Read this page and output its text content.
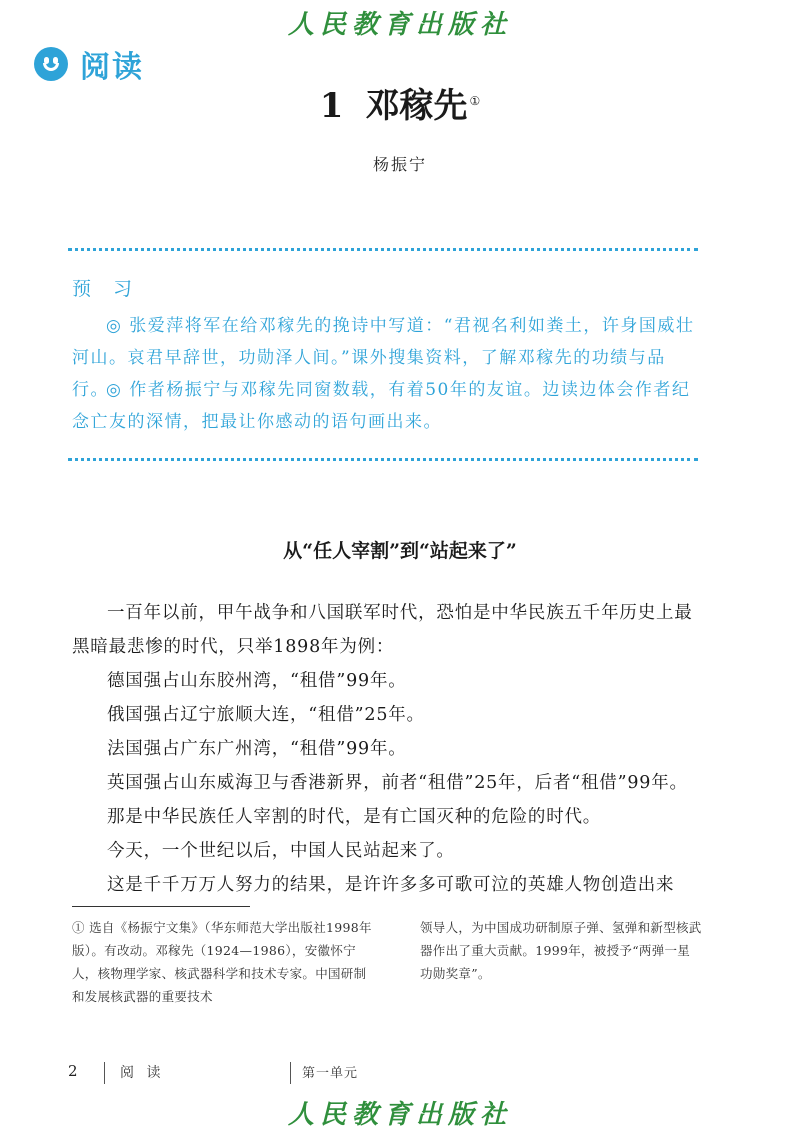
人民教育出版社
阅读
1 邓稼先 ①
杨振宁
预 习
◎ 张爱萍将军在给邓稼先的挽诗中写道：“君视名利如粪土，许身国威壮河山。哀君早辞世，功勋泽人间。”课外搜集资料，了解邓稼先的功绩与品行。
◎ 作者杨振宁与邓稼先同窗数载，有着50年的友谊。边读边体会作者纪念亡友的深情，把最让你感动的语句画出来。
从“任人宰割”到“站起来了”

一百年以前，甲午战争和八国联军时代，恐怕是中华民族五千年历史上最黑暗最悲惨的时代，只举1898年为例：

德国强占山东胶州湾，“租借”99年。

俄国强占辽宁旅顺大连，“租借”25年。

法国强占广东广州湾，“租借”99年。

英国强占山东威海卫与香港新界，前者“租借”25年，后者“租借”99年。

那是中华民族任人宰割的时代，是有亡国灭种的危险的时代。

今天，一个世纪以后，中国人民站起来了。

这是千千万万人努力的结果，是许许多多可歌可泣的英雄人物创造出来

① 选自《杨振宁文集》（华东师范大学出版社1998年版）。有改动。邓稼先（1924—1986），安徽怀宁人，核物理学家、核武器科学和技术专家。中国研制和发展核武器的重要技术
领导人，为中国成功研制原子弹、氢弹和新型核武器作出了重大贡献。1999年，被授予“两弹一星功勋奖章”。
2	阅 读	第一单元
人民教育出版社
